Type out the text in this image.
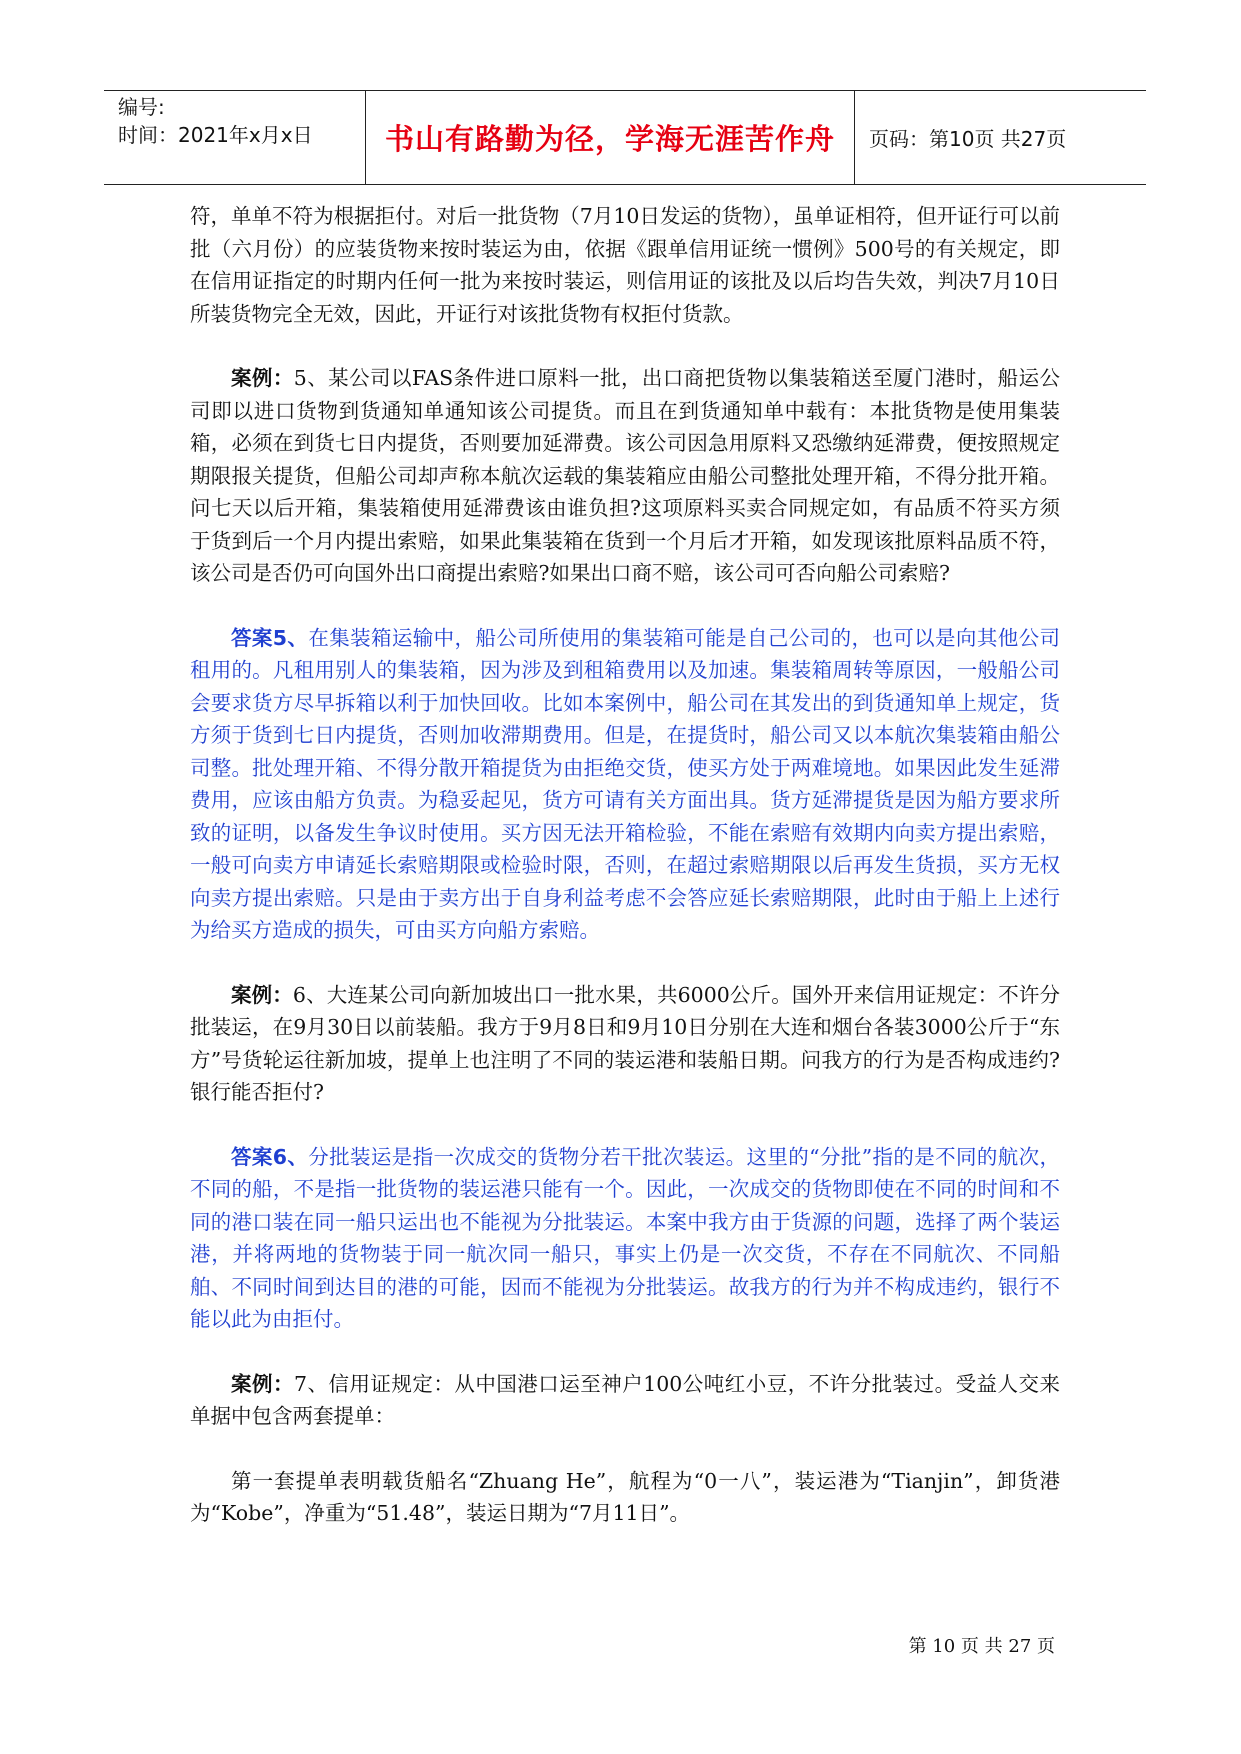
编号:
时间：2021年x月x日	书山有路勤为径，学海无涯苦作舟	页码：第10页 共27页

符，单单不符为根据拒付。对后一批货物（7月10日发运的货物），虽单证相符，但开证行可以前批（六月份）的应装货物来按时装运为由，依据《跟单信用证统一惯例》500号的有关规定，即在信用证指定的时期内任何一批为来按时装运，则信用证的该批及以后均告失效，判决7月10日所装货物完全无效，因此，开证行对该批货物有权拒付货款。

案例：5、某公司以FAS条件进口原料一批，出口商把货物以集装箱送至厦门港时，船运公司即以进口货物到货通知单通知该公司提货。而且在到货通知单中载有：本批货物是使用集装箱，必须在到货七日内提货，否则要加延滞费。该公司因急用原料又恐缴纳延滞费，便按照规定期限报关提货，但船公司却声称本航次运载的集装箱应由船公司整批处理开箱，不得分批开箱。问七天以后开箱，集装箱使用延滞费该由谁负担?这项原料买卖合同规定如，有品质不符买方须于货到后一个月内提出索赔，如果此集装箱在货到一个月后才开箱，如发现该批原料品质不符，该公司是否仍可向国外出口商提出索赔?如果出口商不赔，该公司可否向船公司索赔?

答案5、在集装箱运输中，船公司所使用的集装箱可能是自己公司的，也可以是向其他公司租用的。凡租用别人的集装箱，因为涉及到租箱费用以及加速。集装箱周转等原因，一般船公司会要求货方尽早拆箱以利于加快回收。比如本案例中，船公司在其发出的到货通知单上规定，货方须于货到七日内提货，否则加收滞期费用。但是，在提货时，船公司又以本航次集装箱由船公司整。批处理开箱、不得分散开箱提货为由拒绝交货，使买方处于两难境地。如果因此发生延滞费用，应该由船方负责。为稳妥起见，货方可请有关方面出具。货方延滞提货是因为船方要求所致的证明，以备发生争议时使用。买方因无法开箱检验，不能在索赔有效期内向卖方提出索赔，一般可向卖方申请延长索赔期限或检验时限，否则，在超过索赔期限以后再发生货损，买方无权向卖方提出索赔。只是由于卖方出于自身利益考虑不会答应延长索赔期限，此时由于船上上述行为给买方造成的损失，可由买方向船方索赔。

案例：6、大连某公司向新加坡出口一批水果，共6000公斤。国外开来信用证规定：不许分批装运，在9月30日以前装船。我方于9月8日和9月10日分别在大连和烟台各装3000公斤于“东方”号货轮运往新加坡，提单上也注明了不同的装运港和装船日期。问我方的行为是否构成违约?银行能否拒付?

答案6、分批装运是指一次成交的货物分若干批次装运。这里的“分批”指的是不同的航次，不同的船，不是指一批货物的装运港只能有一个。因此，一次成交的货物即使在不同的时间和不同的港口装在同一船只运出也不能视为分批装运。本案中我方由于货源的问题，选择了两个装运港，并将两地的货物装于同一航次同一船只，事实上仍是一次交货，不存在不同航次、不同船舶、不同时间到达目的港的可能，因而不能视为分批装运。故我方的行为并不构成违约，银行不能以此为由拒付。

案例：7、信用证规定：从中国港口运至神户100公吨红小豆，不许分批装过。受益人交来单据中包含两套提单：

第一套提单表明载货船名“Zhuang He”，航程为“0一八”，装运港为“Tianjin”，卸货港为“Kobe”，净重为“51.48”，装运日期为“7月11日”。

第 10 页 共 27 页
